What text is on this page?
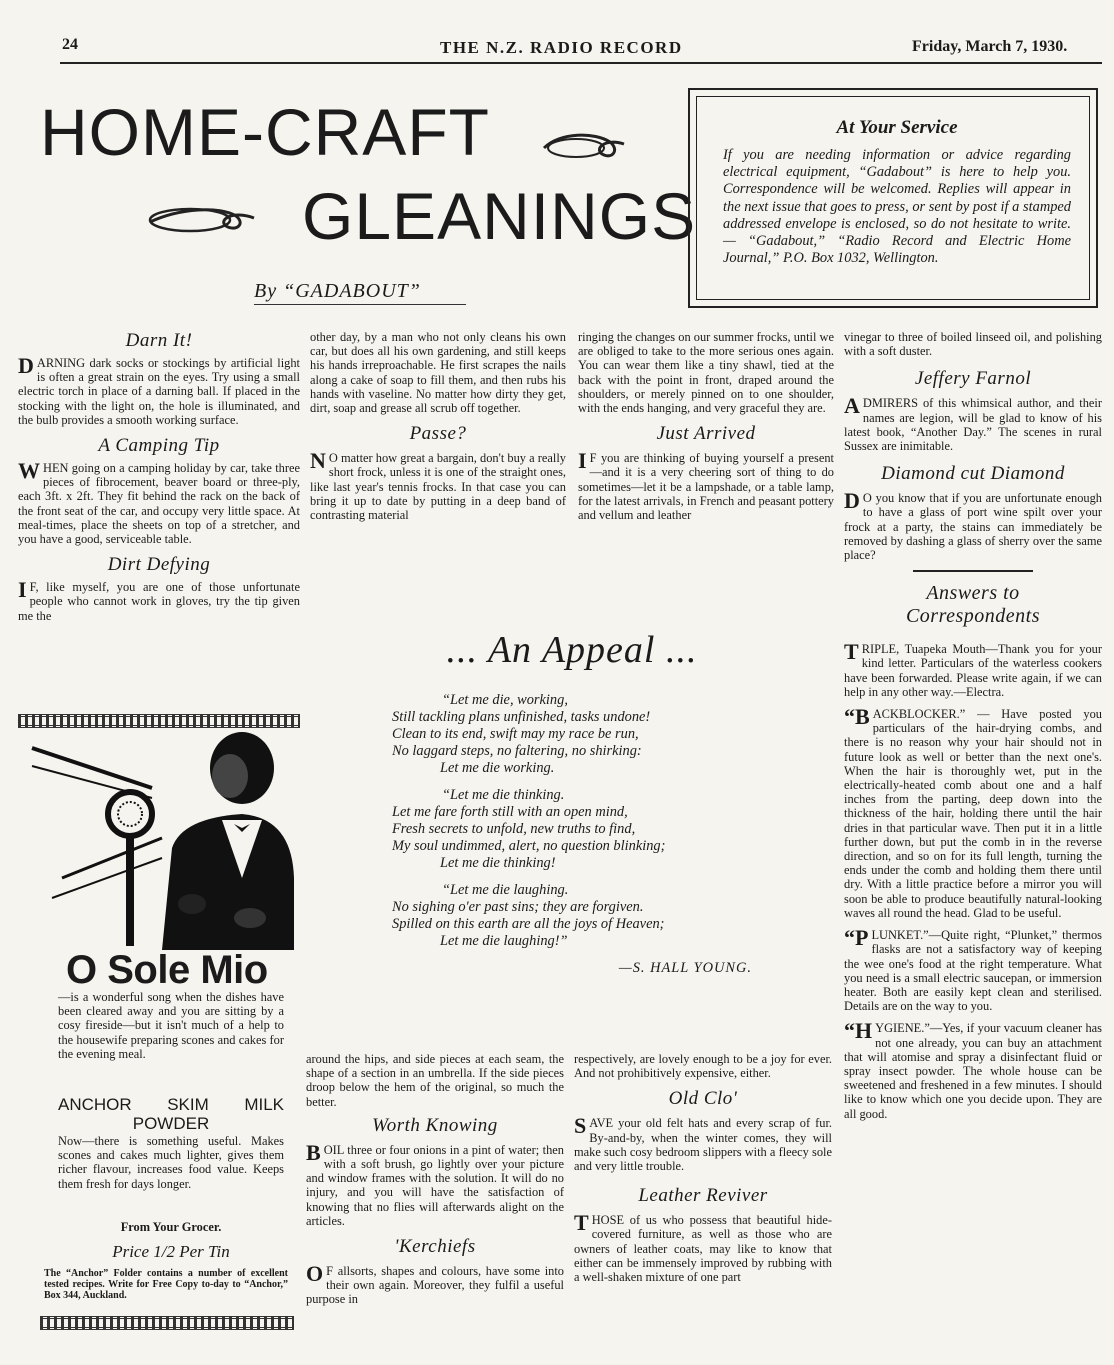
24	THE N.Z. RADIO RECORD	Friday, March 7, 1930.
HOME-CRAFT
GLEANINGS
By “GADABOUT”
At Your Service

If you are needing information or advice regarding electrical equipment, “Gadabout” is here to help you. Correspondence will be welcomed. Replies will appear in the next issue that goes to press, or sent by post if a stamped addressed envelope is enclosed, so do not hesitate to write.— “Gadabout,” “Radio Record and Electric Home Journal,” P.O. Box 1032, Wellington.

Darn It!

DARNING dark socks or stockings by artificial light is often a great strain on the eyes. Try using a small electric torch in place of a darning ball. If placed in the stocking with the light on, the hole is illuminated, and the bulb provides a smooth working surface.

A Camping Tip

WHEN going on a camping holiday by car, take three pieces of fibrocement, beaver board or three-ply, each 3ft. x 2ft. They fit behind the rack on the back of the front seat of the car, and occupy very little space. At meal-times, place the sheets on top of a stretcher, and you have a good, serviceable table.

Dirt Defying

IF, like myself, you are one of those unfortunate people who cannot work in gloves, try the tip given me the

O Sole Mio

—is a wonderful song when the dishes have been cleared away and you are sitting by a cosy fireside—but it isn't much of a help to the housewife preparing scones and cakes for the evening meal.

ANCHOR SKIM MILK
POWDER

Now—there is something useful. Makes scones and cakes much lighter, gives them richer flavour, increases food value. Keeps them fresh for days longer.

From Your Grocer.
Price 1/2 Per Tin

The “Anchor” Folder contains a number of excellent tested recipes. Write for Free Copy to-day to “Anchor,” Box 344, Auckland.

other day, by a man who not only cleans his own car, but does all his own gardening, and still keeps his hands irreproachable. He first scrapes the nails along a cake of soap to fill them, and then rubs his hands with vaseline. No matter how dirty they get, dirt, soap and grease all scrub off together.

Passe?

NO matter how great a bargain, don't buy a really short frock, unless it is one of the straight ones, like last year's tennis frocks. In that case you can bring it up to date by putting in a deep band of contrasting material

ringing the changes on our summer frocks, until we are obliged to take to the more serious ones again. You can wear them like a tiny shawl, tied at the back with the point in front, draped around the shoulders, or merely pinned on to one shoulder, with the ends hanging, and very graceful they are.

Just Arrived

IF you are thinking of buying yourself a present—and it is a very cheering sort of thing to do sometimes—let it be a lampshade, or a table lamp, for the latest arrivals, in French and peasant pottery and vellum and leather

... An Appeal ...
“Let me die, working,
Still tackling plans unfinished, tasks undone!
Clean to its end, swift may my race be run,
No laggard steps, no faltering, no shirking:
Let me die working.
“Let me die thinking.
Let me fare forth still with an open mind,
Fresh secrets to unfold, new truths to find,
My soul undimmed, alert, no question blinking;
Let me die thinking!
“Let me die laughing.
No sighing o'er past sins; they are forgiven.
Spilled on this earth are all the joys of Heaven;
Let me die laughing!”
—S. HALL YOUNG.

around the hips, and side pieces at each seam, the shape of a section in an umbrella. If the side pieces droop below the hem of the original, so much the better.

Worth Knowing

BOIL three or four onions in a pint of water; then with a soft brush, go lightly over your picture and window frames with the solution. It will do no injury, and you will have the satisfaction of knowing that no flies will afterwards alight on the articles.

'Kerchiefs

OF allsorts, shapes and colours, have some into their own again. Moreover, they fulfil a useful purpose in

respectively, are lovely enough to be a joy for ever. And not prohibitively expensive, either.

Old Clo'

SAVE your old felt hats and every scrap of fur. By-and-by, when the winter comes, they will make such cosy bedroom slippers with a fleecy sole and very little trouble.

Leather Reviver

THOSE of us who possess that beautiful hide-covered furniture, as well as those who are owners of leather coats, may like to know that either can be immensely improved by rubbing with a well-shaken mixture of one part

vinegar to three of boiled linseed oil, and polishing with a soft duster.

Jeffery Farnol

ADMIRERS of this whimsical author, and their names are legion, will be glad to know of his latest book, “Another Day.” The scenes in rural Sussex are inimitable.

Diamond cut Diamond

DO you know that if you are unfortunate enough to have a glass of port wine spilt over your frock at a party, the stains can immediately be removed by dashing a glass of sherry over the same place?

Answers to
Correspondents

TRIPLE, Tuapeka Mouth—Thank you for your kind letter. Particulars of the waterless cookers have been forwarded. Please write again, if we can help in any other way.—Electra.

“BACKBLOCKER.” — Have posted you particulars of the hair-drying combs, and there is no reason why your hair should not in future look as well or better than the next one's. When the hair is thoroughly wet, put in the electrically-heated comb about one and a half inches from the parting, deep down into the thickness of the hair, holding there until the hair dries in that particular wave. Then put it in a little further down, but put the comb in in the reverse direction, and so on for its full length, turning the ends under the comb and holding them there until dry. With a little practice before a mirror you will soon be able to produce beautifully natural-looking waves all round the head. Glad to be useful.

“PLUNKET.”—Quite right, “Plunket,” thermos flasks are not a satisfactory way of keeping the wee one's food at the right temperature. What you need is a small electric saucepan, or immersion heater. Both are easily kept clean and sterilised. Details are on the way to you.

“HYGIENE.”—Yes, if your vacuum cleaner has not one already, you can buy an attachment that will atomise and spray a disinfectant fluid or spray insect powder. The whole house can be sweetened and freshened in a few minutes. I should like to know which one you decide upon. They are all good.
